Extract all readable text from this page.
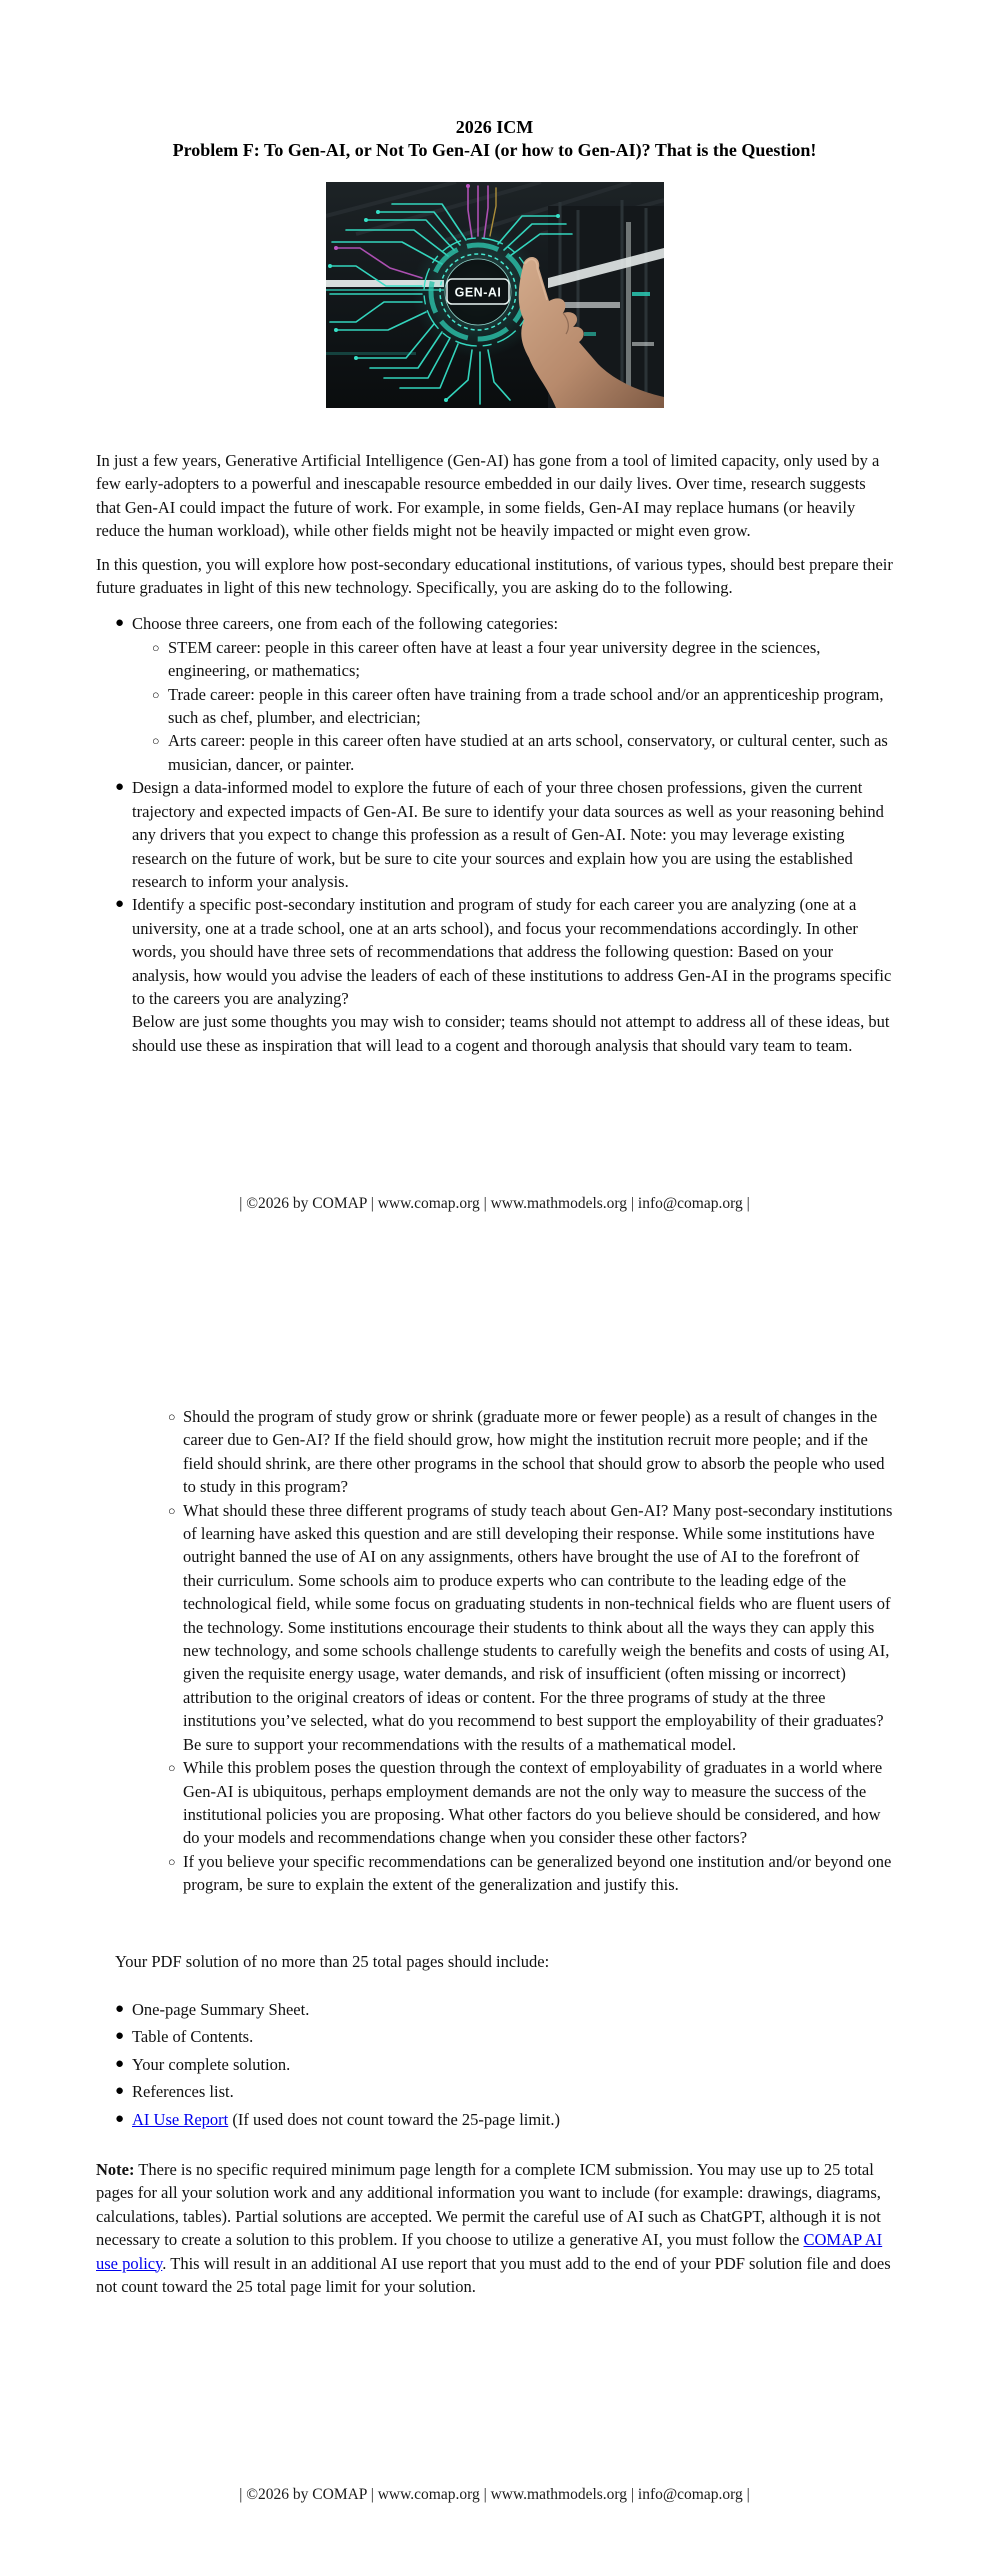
2026 ICM
Problem F: To Gen-AI, or Not To Gen-AI (or how to Gen-AI)? That is the Question!
GEN-AI

In just a few years, Generative Artificial Intelligence (Gen-AI) has gone from a tool of limited capacity, only used by a few early-adopters to a powerful and inescapable resource embedded in our daily lives. Over time, research suggests that Gen-AI could impact the future of work. For example, in some fields, Gen-AI may replace humans (or heavily reduce the human workload), while other fields might not be heavily impacted or might even grow.

In this question, you will explore how post-secondary educational institutions, of various types, should best prepare their future graduates in light of this new technology. Specifically, you are asking do to the following.

● Choose three careers, one from each of the following categories:
○ STEM career: people in this career often have at least a four year university degree in the sciences, engineering, or mathematics;
○ Trade career: people in this career often have training from a trade school and/or an apprenticeship program, such as chef, plumber, and electrician;
○ Arts career: people in this career often have studied at an arts school, conservatory, or cultural center, such as musician, dancer, or painter.
● Design a data-informed model to explore the future of each of your three chosen professions, given the current trajectory and expected impacts of Gen-AI. Be sure to identify your data sources as well as your reasoning behind any drivers that you expect to change this profession as a result of Gen-AI. Note: you may leverage existing research on the future of work, but be sure to cite your sources and explain how you are using the established research to inform your analysis.
● Identify a specific post-secondary institution and program of study for each career you are analyzing (one at a university, one at a trade school, one at an arts school), and focus your recommendations accordingly. In other words, you should have three sets of recommendations that address the following question: Based on your analysis, how would you advise the leaders of each of these institutions to address Gen-AI in the programs specific to the careers you are analyzing?

Below are just some thoughts you may wish to consider; teams should not attempt to address all of these ideas, but should use these as inspiration that will lead to a cogent and thorough analysis that should vary team to team.

| ©2026 by COMAP | www.comap.org | www.mathmodels.org | info@comap.org |
○ Should the program of study grow or shrink (graduate more or fewer people) as a result of changes in the career due to Gen-AI? If the field should grow, how might the institution recruit more people; and if the field should shrink, are there other programs in the school that should grow to absorb the people who used to study in this program?
○ What should these three different programs of study teach about Gen-AI? Many post-secondary institutions of learning have asked this question and are still developing their response. While some institutions have outright banned the use of AI on any assignments, others have brought the use of AI to the forefront of their curriculum. Some schools aim to produce experts who can contribute to the leading edge of the technological field, while some focus on graduating students in non-technical fields who are fluent users of the technology. Some institutions encourage their students to think about all the ways they can apply this new technology, and some schools challenge students to carefully weigh the benefits and costs of using AI, given the requisite energy usage, water demands, and risk of insufficient (often missing or incorrect) attribution to the original creators of ideas or content. For the three programs of study at the three institutions you’ve selected, what do you recommend to best support the employability of their graduates? Be sure to support your recommendations with the results of a mathematical model.
○ While this problem poses the question through the context of employability of graduates in a world where Gen-AI is ubiquitous, perhaps employment demands are not the only way to measure the success of the institutional policies you are proposing. What other factors do you believe should be considered, and how do your models and recommendations change when you consider these other factors?
○ If you believe your specific recommendations can be generalized beyond one institution and/or beyond one program, be sure to explain the extent of the generalization and justify this.

Your PDF solution of no more than 25 total pages should include:

● One-page Summary Sheet.
● Table of Contents.
● Your complete solution.
● References list.
● AI Use Report (If used does not count toward the 25-page limit.)

Note: There is no specific required minimum page length for a complete ICM submission. You may use up to 25 total pages for all your solution work and any additional information you want to include (for example: drawings, diagrams, calculations, tables). Partial solutions are accepted. We permit the careful use of AI such as ChatGPT, although it is not necessary to create a solution to this problem. If you choose to utilize a generative AI, you must follow the COMAP AI use policy. This will result in an additional AI use report that you must add to the end of your PDF solution file and does not count toward the 25 total page limit for your solution.

| ©2026 by COMAP | www.comap.org | www.mathmodels.org | info@comap.org |
